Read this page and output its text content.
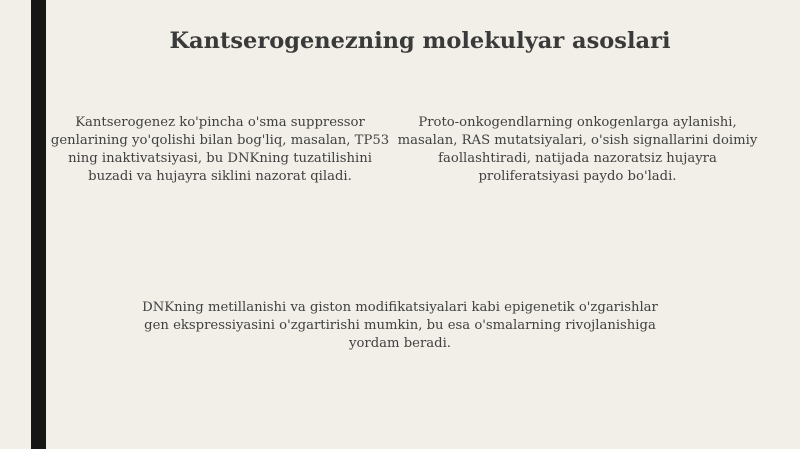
Kantserogenezning molekulyar asoslari

Kantserogenez ko'pincha o'sma suppressor genlarining yo'qolishi bilan bog'liq, masalan, TP53 ning inaktivatsiyasi, bu DNKning tuzatilishini buzadi va hujayra siklini nazorat qiladi.

Proto-onkogendlarning onkogenlarga aylanishi, masalan, RAS mutatsiyalari, o'sish signallarini doimiy faollashtiradi, natijada nazoratsiz hujayra proliferatsiyasi paydo bo'ladi.

DNKning metillanishi va giston modifikatsiyalari kabi epigenetik o'zgarishlar gen ekspressiyasini o'zgartirishi mumkin, bu esa o'smalarning rivojlanishiga yordam beradi.
